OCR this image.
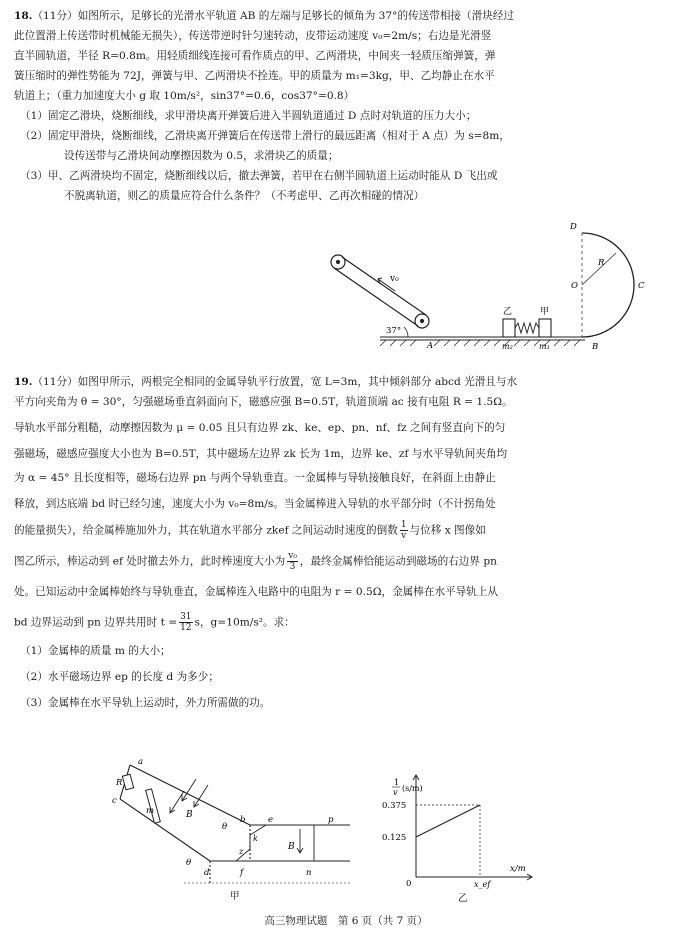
18.（11分）如图所示，足够长的光滑水平轨道 AB 的左端与足够长的倾角为 37°的传送带相接（滑块经过

此位置滑上传送带时机械能无损失），传送带逆时针匀速转动，皮带运动速度 v₀=2m/s；右边是光滑竖

直半圆轨道，半径 R=0.8m。用轻质细线连接可看作质点的甲、乙两滑块，中间夹一轻质压缩弹簧，弹

簧压缩时的弹性势能为 72J，弹簧与甲、乙两滑块不拴连。甲的质量为 m₁=3kg，甲、乙均静止在水平

轨道上；（重力加速度大小 g 取 10m/s²，sin37°=0.6，cos37°=0.8）

（1）固定乙滑块，烧断细线，求甲滑块离开弹簧后进入半圆轨道通过 D 点时对轨道的压力大小；

（2）固定甲滑块，烧断细线，乙滑块离开弹簧后在传送带上滑行的最远距离（相对于 A 点）为 s=8m，

设传送带与乙滑块间动摩擦因数为 0.5，求滑块乙的质量；

（3）甲、乙两滑块均不固定，烧断细线以后，撤去弹簧，若甲在右侧半圆轨道上运动时能从 D 飞出或

不脱离轨道，则乙的质量应符合什么条件？（不考虑甲、乙再次相碰的情况）

v₀
37°
A
乙	甲
m₂	m₁
D
O
R
C
B

19.（11分）如图甲所示，两根完全相同的金属导轨平行放置，宽 L=3m，其中倾斜部分 abcd 光滑且与水

平方向夹角为 θ = 30°，匀强磁场垂直斜面向下，磁感应强 B=0.5T，轨道顶端 ac 接有电阻 R = 1.5Ω。

导轨水平部分粗糙，动摩擦因数为 μ = 0.05 且只有边界 zk、ke、ep、pn、nf、fz 之间有竖直向下的匀

强磁场，磁感应强度大小也为 B=0.5T，其中磁场左边界 zk 长为 1m，边界 ke、zf 与水平导轨间夹角均

为 α = 45° 且长度相等，磁场右边界 pn 与两个导轨垂直。一金属棒与导轨接触良好，在斜面上由静止

释放，到达底端 bd 时已经匀速，速度大小为 v₀=8m/s。当金属棒进入导轨的水平部分时（不计拐角处

的能量损失），给金属棒施加外力，其在轨道水平部分 zkef 之间运动时速度的倒数 $\frac{1}{v}$ 与位移 x 图像如

图乙所示，棒运动到 ef 处时撤去外力，此时棒速度大小为 $\frac{\text{v₀}}{3}$ ，最终金属棒恰能运动到磁场的右边界 pn

处。已知运动中金属棒始终与导轨垂直，金属棒连入电路中的电阻为 r = 0.5Ω，金属棒在水平导轨上从

bd 边界运动到 pn 边界共用时 $t = \frac{31}{12}$ s，g=10m/s²。求：

（1）金属棒的质量 m 的大小；

（2）水平磁场边界 ep 的长度 d 为多少；

（3）金属棒在水平导轨上运动时，外力所需做的功。

a
c
R
m	B
B
b	e	p
k
z
d	f	n
θ
θ
甲
1
v (s/m)
0.375
0.125
0	x_ef
x/m
乙
高三物理试题　第 6 页（共 7 页）
